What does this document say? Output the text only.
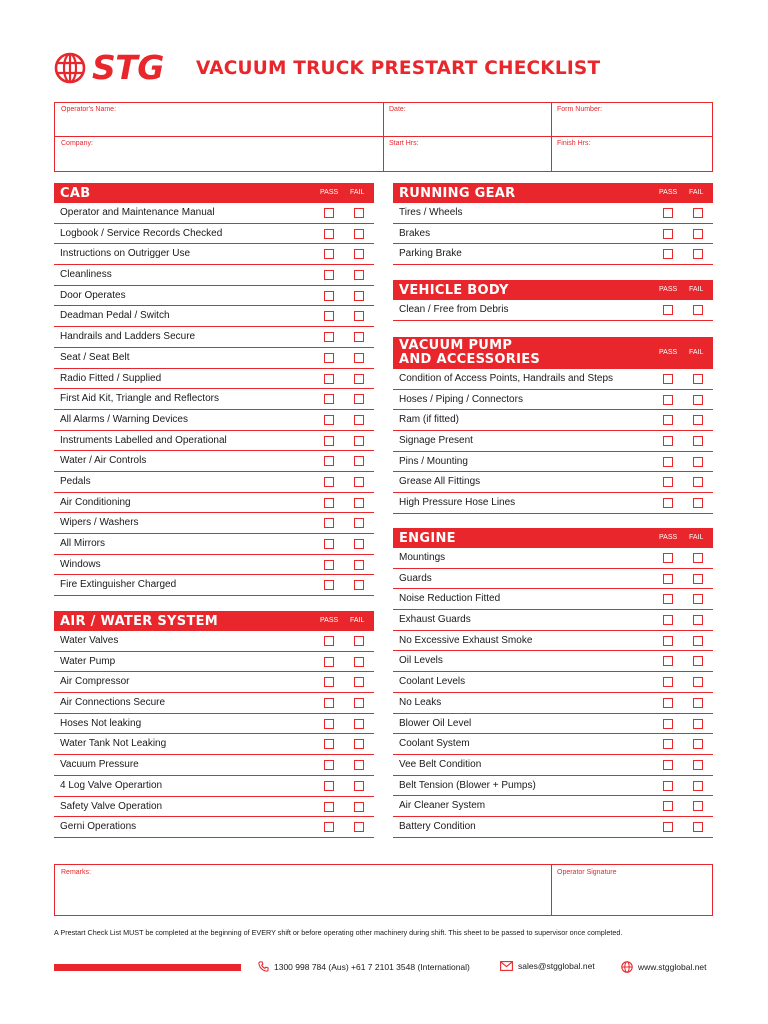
STG VACUUM TRUCK PRESTART CHECKLIST
Operator's Name:	Date:	Form Number:
Company:	Start Hrs:	Finish Hrs:
CAB	PASS FAIL
Operator and Maintenance Manual
Logbook / Service Records Checked
Instructions on Outrigger Use
Cleanliness
Door Operates
Deadman Pedal / Switch
Handrails and Ladders Secure
Seat / Seat Belt
Radio Fitted / Supplied
First Aid Kit, Triangle and Reflectors
All Alarms / Warning Devices
Instruments Labelled and Operational
Water / Air Controls
Pedals
Air Conditioning
Wipers / Washers
All Mirrors
Windows
Fire Extinguisher Charged
AIR / WATER SYSTEM	PASS FAIL
Water Valves
Water Pump
Air Compressor
Air Connections Secure
Hoses Not leaking
Water Tank Not Leaking
Vacuum Pressure
4 Log Valve Operartion
Safety Valve Operation
Gerni Operations
RUNNING GEAR	PASS FAIL
Tires / Wheels
Brakes
Parking Brake
VEHICLE BODY	PASS FAIL
Clean / Free from Debris
VACUUM PUMP
AND ACCESSORIES	PASS FAIL
Condition of Access Points, Handrails and Steps
Hoses / Piping / Connectors
Ram (if fitted)
Signage Present
Pins / Mounting
Grease All Fittings
High Pressure Hose Lines
ENGINE	PASS FAIL
Mountings
Guards
Noise Reduction Fitted
Exhaust Guards
No Excessive Exhaust Smoke
Oil Levels
Coolant Levels
No Leaks
Blower Oil Level
Coolant System
Vee Belt Condition
Belt Tension (Blower + Pumps)
Air Cleaner System
Battery Condition
Remarks:	Operator Signature
A Prestart Check List MUST be completed at the beginning of EVERY shift or before operating other machinery during shift. This sheet to be passed to supervisor once completed.
1300 998 784 (Aus) +61 7 2101 3548 (International)	sales@stgglobal.net	www.stgglobal.net
